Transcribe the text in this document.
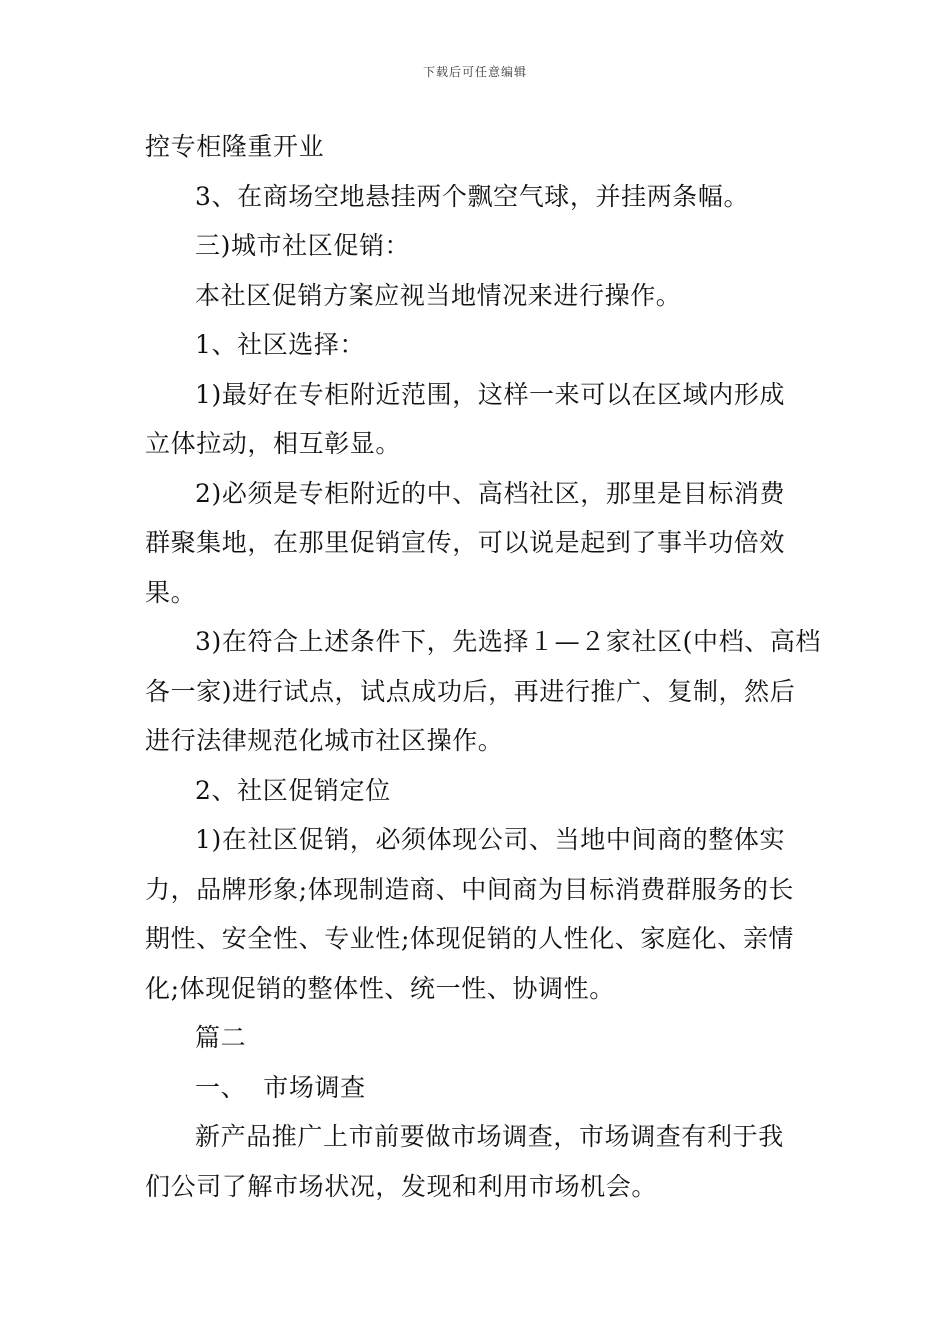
下载后可任意编辑

控专柜隆重开业

3、在商场空地悬挂两个飘空气球，并挂两条幅。

三)城市社区促销：

本社区促销方案应视当地情况来进行操作。

1、社区选择：

1)最好在专柜附近范围，这样一来可以在区域内形成
立体拉动，相互彰显。

2)必须是专柜附近的中、高档社区，那里是目标消费
群聚集地，在那里促销宣传，可以说是起到了事半功倍效
果。

3)在符合上述条件下，先选择１—２家社区(中档、高档
各一家)进行试点，试点成功后，再进行推广、复制，然后
进行法律规范化城市社区操作。

2、社区促销定位

1)在社区促销，必须体现公司、当地中间商的整体实
力，品牌形象;体现制造商、中间商为目标消费群服务的长
期性、安全性、专业性;体现促销的人性化、家庭化、亲情
化;体现促销的整体性、统一性、协调性。

篇二

一、  市场调查

新产品推广上市前要做市场调查，市场调查有利于我
们公司了解市场状况，发现和利用市场机会。
